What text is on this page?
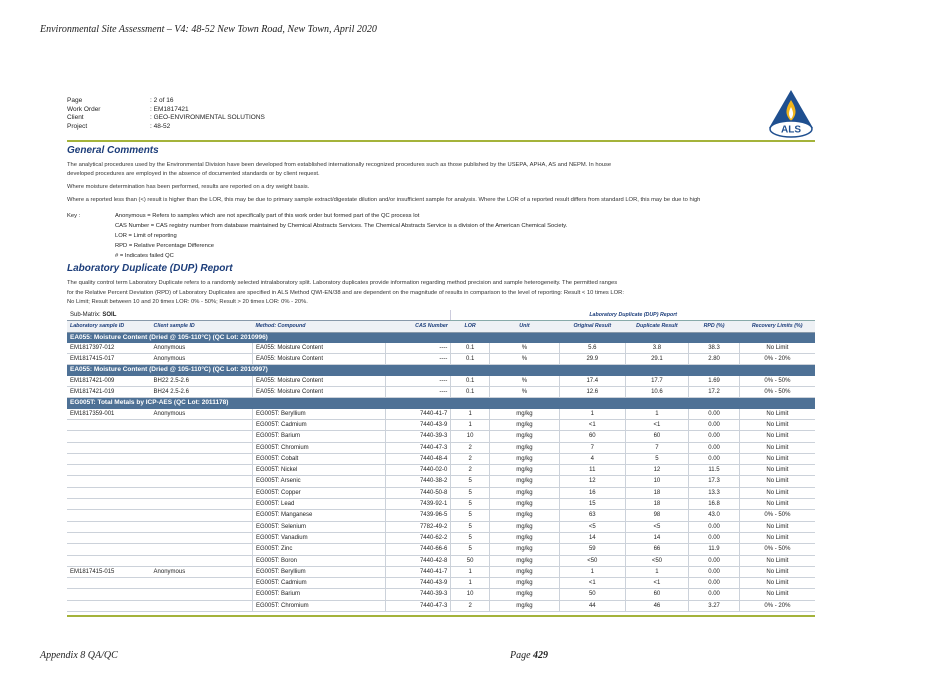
Environmental Site Assessment – V4: 48-52 New Town Road, New Town, April 2020
Page	: 2 of 16
Work Order	: EM1817421
Client	: GEO-ENVIRONMENTAL SOLUTIONS
Project	: 48-52	ALS
General Comments
The analytical procedures used by the Environmental Division have been developed from established internationally recognized procedures such as those published by the USEPA, APHA, AS and NEPM. In house
developed procedures are employed in the absence of documented standards or by client request.
Where moisture determination has been performed, results are reported on a dry weight basis.
Where a reported less than (<) result is higher than the LOR, this may be due to primary sample extract/digestate dilution and/or insufficient sample for analysis. Where the LOR of a reported result differs from standard LOR, this may be due to high
Key :	Anonymous = Refers to samples which are not specifically part of this work order but formed part of the QC process lot
CAS Number = CAS registry number from database maintained by Chemical Abstracts Services. The Chemical Abstracts Service is a division of the American Chemical Society.
LOR = Limit of reporting
RPD = Relative Percentage Difference
# = Indicates failed QC
Laboratory Duplicate (DUP) Report
The quality control term Laboratory Duplicate refers to a randomly selected intralaboratory split. Laboratory duplicates provide information regarding method precision and sample heterogeneity. The permitted ranges
for the Relative Percent Deviation (RPD) of Laboratory Duplicates are specified in ALS Method QWI-EN/38 and are dependent on the magnitude of results in comparison to the level of reporting: Result < 10 times LOR:
No Limit; Result between 10 and 20 times LOR: 0% - 50%; Result > 20 times LOR: 0% - 20%.
Sub-Matrix: SOIL				Laboratory Duplicate (DUP) Report					
Laboratory sample ID	Client sample ID	Method: Compound	CAS Number	LOR	Unit	Original Result	Duplicate Result	RPD (%)	Recovery Limits (%)
EA055: Moisture Content (Dried @ 105-110°C) (QC Lot: 2010996)									
EM1817397-012	Anonymous	EA055: Moisture Content	----	0.1	%	5.6	3.8	38.3	No Limit
EM1817415-017	Anonymous	EA055: Moisture Content	----	0.1	%	29.9	29.1	2.80	0% - 20%
EA055: Moisture Content (Dried @ 105-110°C) (QC Lot: 2010997)									
EM1817421-009	BH22 2.5-2.6	EA055: Moisture Content	----	0.1	%	17.4	17.7	1.69	0% - 50%
EM1817421-019	BH24 2.5-2.6	EA055: Moisture Content	----	0.1	%	12.6	10.6	17.2	0% - 50%
EG005T: Total Metals by ICP-AES (QC Lot: 2011178)									
EM1817359-001	Anonymous	EG005T: Beryllium	7440-41-7	1	mg/kg	1	1	0.00	No Limit
		EG005T: Cadmium	7440-43-9	1	mg/kg	<1	<1	0.00	No Limit
		EG005T: Barium	7440-39-3	10	mg/kg	60	60	0.00	No Limit
		EG005T: Chromium	7440-47-3	2	mg/kg	7	7	0.00	No Limit
		EG005T: Cobalt	7440-48-4	2	mg/kg	4	5	0.00	No Limit
		EG005T: Nickel	7440-02-0	2	mg/kg	11	12	11.5	No Limit
		EG005T: Arsenic	7440-38-2	5	mg/kg	12	10	17.3	No Limit
		EG005T: Copper	7440-50-8	5	mg/kg	16	18	13.3	No Limit
		EG005T: Lead	7439-92-1	5	mg/kg	15	18	16.8	No Limit
		EG005T: Manganese	7439-96-5	5	mg/kg	63	98	43.0	0% - 50%
		EG005T: Selenium	7782-49-2	5	mg/kg	<5	<5	0.00	No Limit
		EG005T: Vanadium	7440-62-2	5	mg/kg	14	14	0.00	No Limit
		EG005T: Zinc	7440-66-6	5	mg/kg	59	66	11.9	0% - 50%
		EG005T: Boron	7440-42-8	50	mg/kg	<50	<50	0.00	No Limit
EM1817415-015	Anonymous	EG005T: Beryllium	7440-41-7	1	mg/kg	1	1	0.00	No Limit
		EG005T: Cadmium	7440-43-9	1	mg/kg	<1	<1	0.00	No Limit
		EG005T: Barium	7440-39-3	10	mg/kg	50	60	0.00	No Limit
		EG005T: Chromium	7440-47-3	2	mg/kg	44	46	3.27	0% - 20%
Appendix 8 QA/QC	Page 429
